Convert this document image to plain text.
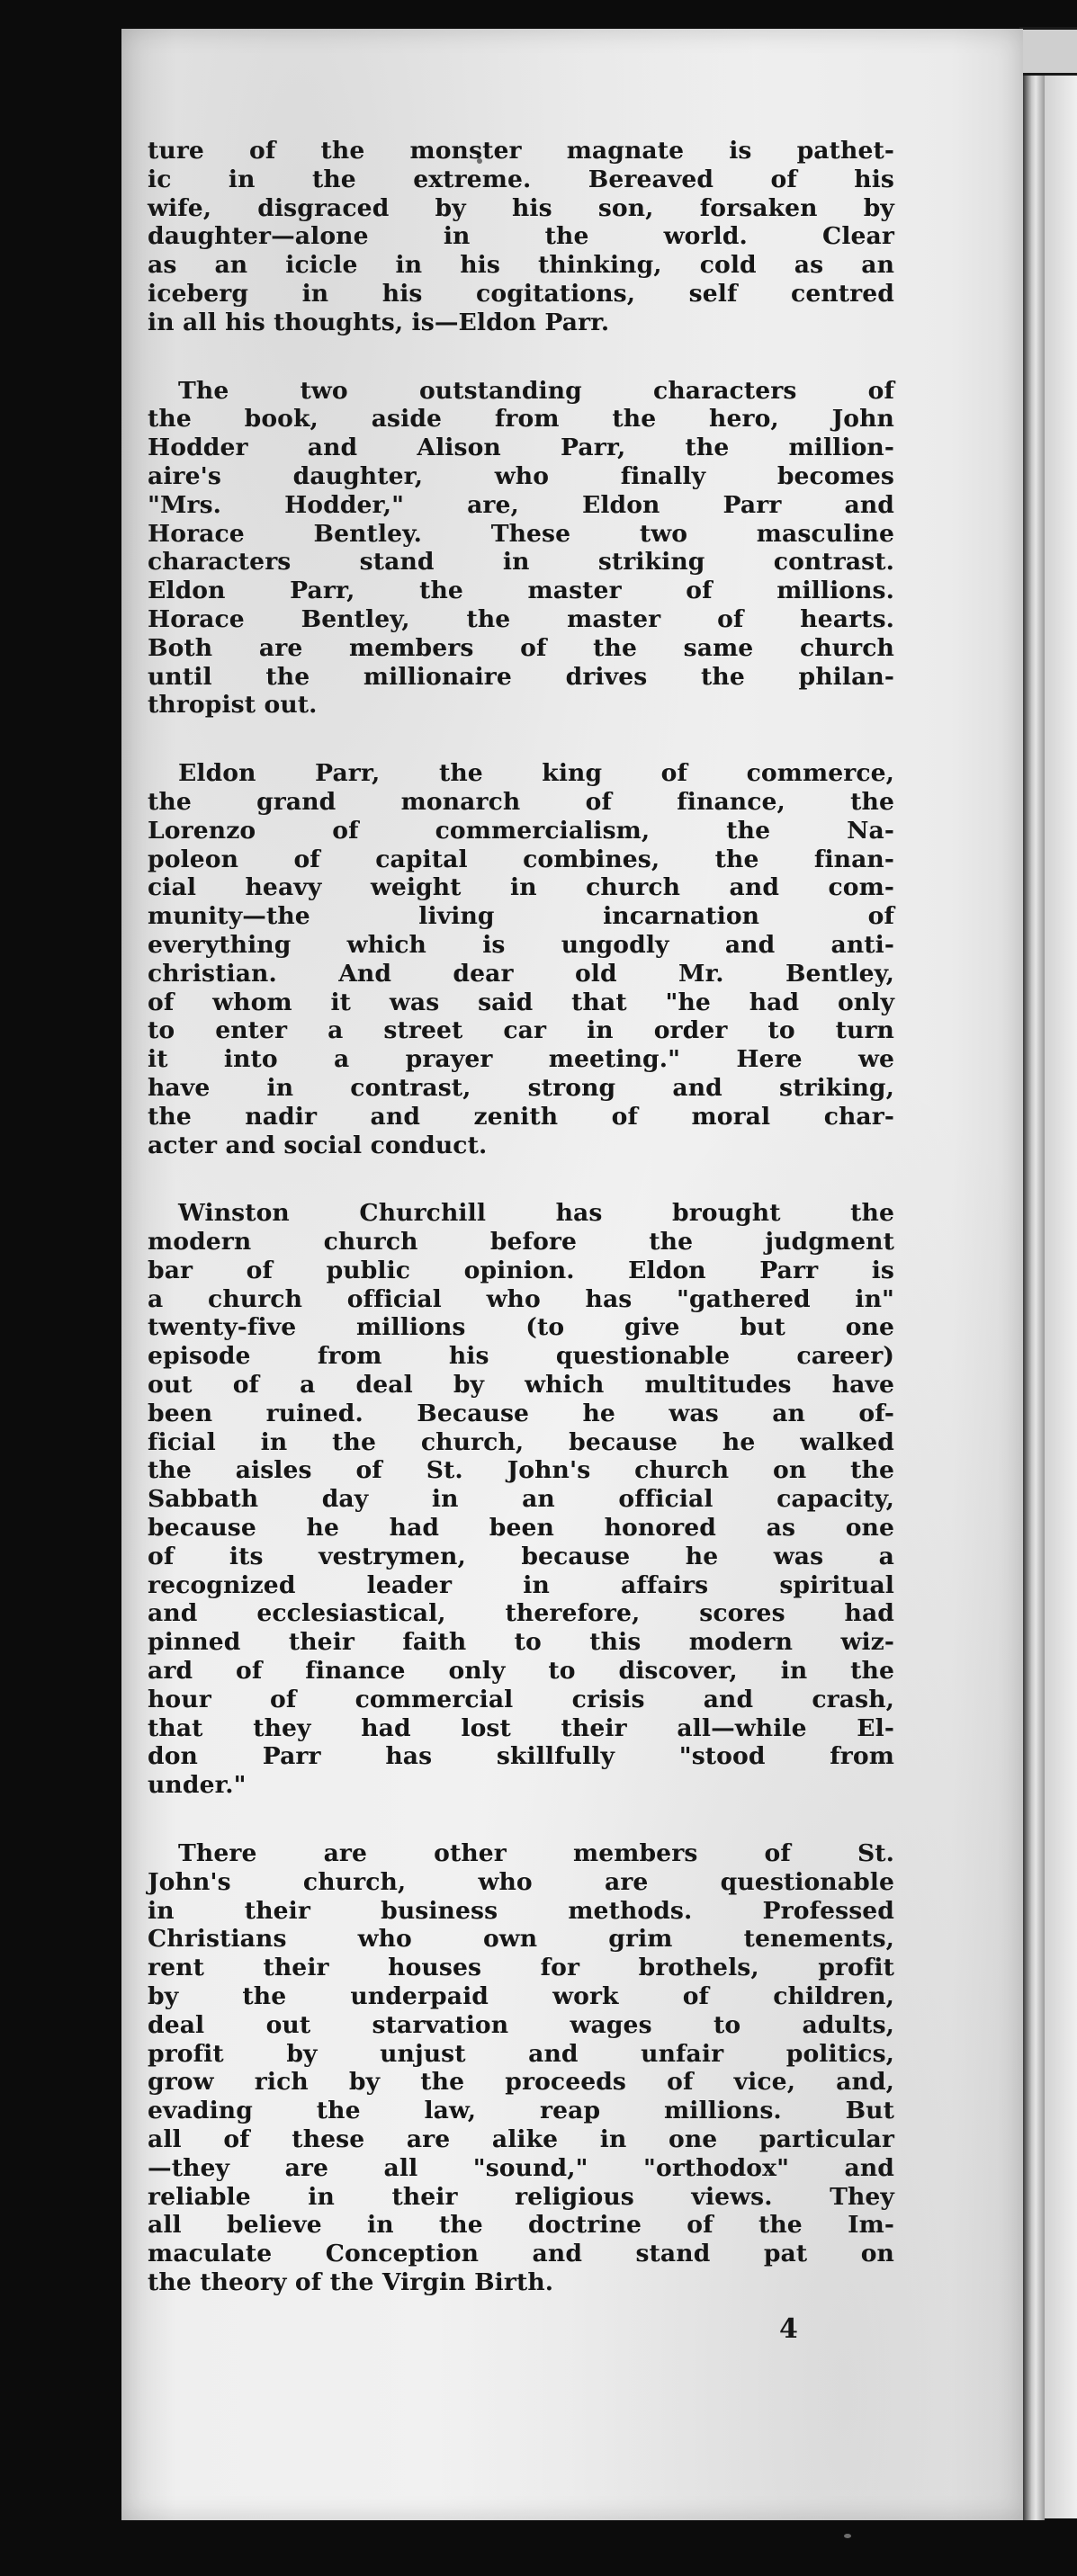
ture of the monster magnate is pathet-
ic in the extreme. Bereaved of his
wife, disgraced by his son, forsaken by
daughter—alone in the world. Clear
as an icicle in his thinking, cold as an
iceberg in his cogitations, self centred
in all his thoughts, is—Eldon Parr.
The two outstanding characters of
the book, aside from the hero, John
Hodder and Alison Parr, the million-
aire's daughter, who finally becomes
"Mrs. Hodder," are, Eldon Parr and
Horace Bentley. These two masculine
characters stand in striking contrast.
Eldon Parr, the master of millions.
Horace Bentley, the master of hearts.
Both are members of the same church
until the millionaire drives the philan-
thropist out.
Eldon Parr, the king of commerce,
the grand monarch of finance, the
Lorenzo of commercialism, the Na-
poleon of capital combines, the finan-
cial heavy weight in church and com-
munity—the living incarnation of
everything which is ungodly and anti-
christian. And dear old Mr. Bentley,
of whom it was said that "he had only
to enter a street car in order to turn
it into a prayer meeting." Here we
have in contrast, strong and striking,
the nadir and zenith of moral char-
acter and social conduct.
Winston Churchill has brought the
modern church before the judgment
bar of public opinion. Eldon Parr is
a church official who has "gathered in"
twenty-five millions (to give but one
episode from his questionable career)
out of a deal by which multitudes have
been ruined. Because he was an of-
ficial in the church, because he walked
the aisles of St. John's church on the
Sabbath day in an official capacity,
because he had been honored as one
of its vestrymen, because he was a
recognized leader in affairs spiritual
and ecclesiastical, therefore, scores had
pinned their faith to this modern wiz-
ard of finance only to discover, in the
hour of commercial crisis and crash,
that they had lost their all—while El-
don Parr has skillfully "stood from
under."
There are other members of St.
John's church, who are questionable
in their business methods. Professed
Christians who own grim tenements,
rent their houses for brothels, profit
by the underpaid work of children,
deal out starvation wages to adults,
profit by unjust and unfair politics,
grow rich by the proceeds of vice, and,
evading the law, reap millions. But
all of these are alike in one particular
—they are all "sound," "orthodox" and
reliable in their religious views. They
all believe in the doctrine of the Im-
maculate Conception and stand pat on
the theory of the Virgin Birth.
4
